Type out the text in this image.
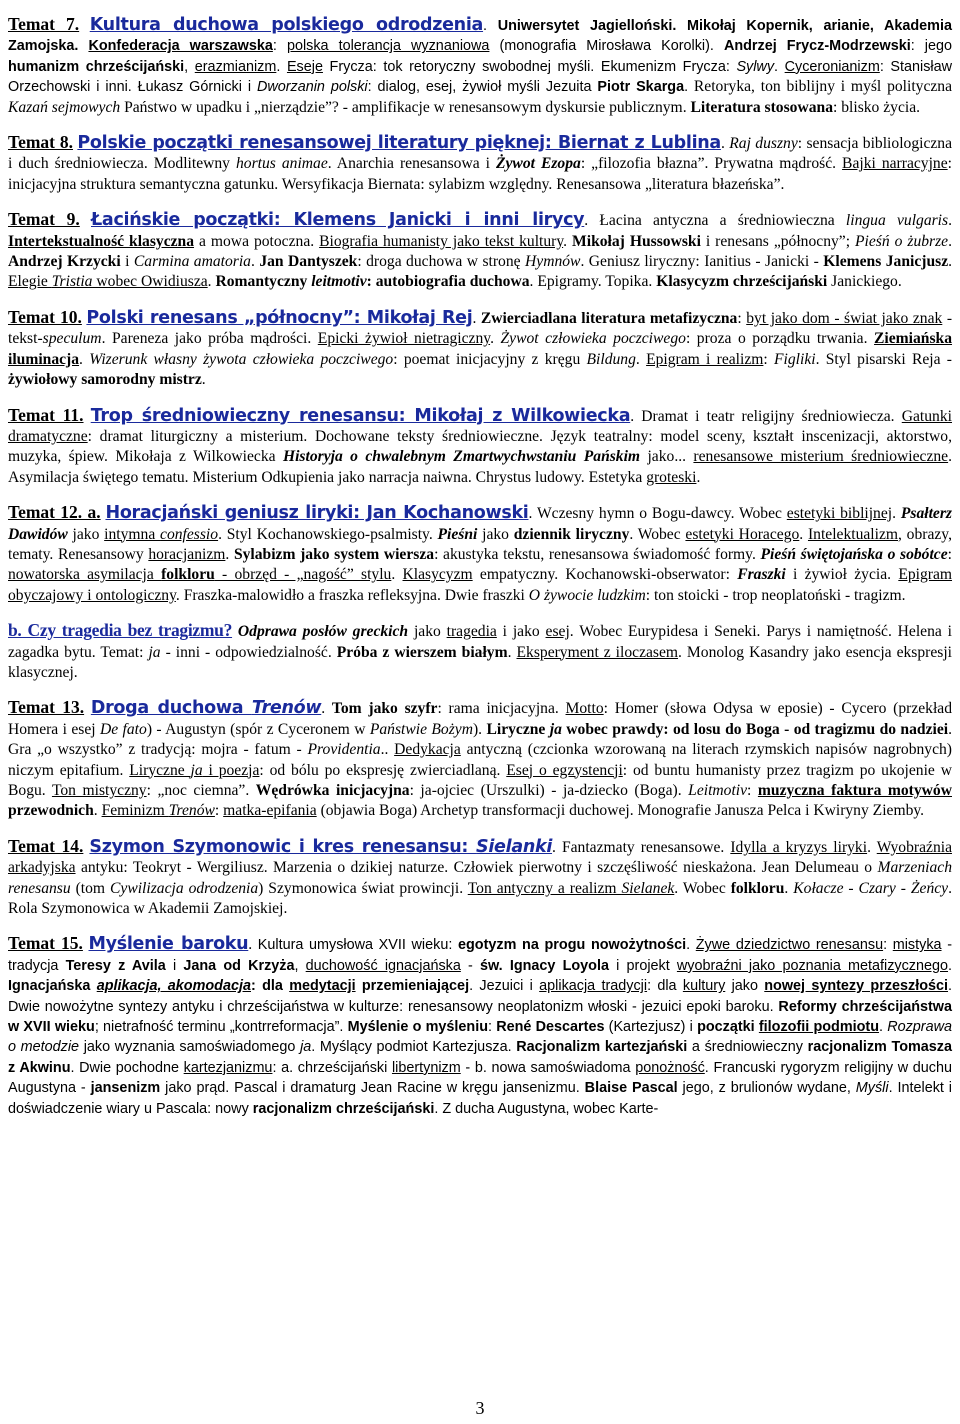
Temat 7. Kultura duchowa polskiego odrodzenia. Uniwersytet Jagielloński. Mikołaj Kopernik, arianie, Akademia Zamojska. Konfederacja warszawska: polska tolerancja wyznaniowa (monografia Mirosława Korolki). Andrzej Frycz-Modrzewski: jego humanizm chrześcijański, erazmianizm. Eseje Frycza: tok retoryczny swobodnej myśli. Ekumenizm Frycza: Sylwy. Cyceronianizm: Stanisław Orzechowski i inni. Łukasz Górnicki i Dworzanin polski: dialog, esej, żywioł myśli Jezuita Piotr Skarga. Retoryka, ton biblijny i myśl polityczna Kazań sejmowych Państwo w upadku i „nierządzie”? - amplifikacje w renesansowym dyskursie publicznym. Literatura stosowana: blisko życia.

Temat 8. Polskie początki renesansowej literatury pięknej: Biernat z Lublina. Raj duszny: sensacja bibliologiczna i duch średniowiecza. Modlitewny hortus animae. Anarchia renesansowa i Żywot Ezopa: „filozofia błazna”. Prywatna mądrość. Bajki narracyjne: inicjacyjna struktura semantyczna gatunku. Wersyfikacja Biernata: sylabizm względny. Renesansowa „literatura błazeńska”.

Temat 9. Łacińskie początki: Klemens Janicki i inni lirycy. Łacina antyczna a średniowieczna lingua vulgaris. Intertekstualność klasyczna a mowa potoczna. Biografia humanisty jako tekst kultury. Mikołaj Hussowski i renesans „północny”; Pieśń o żubrze. Andrzej Krzycki i Carmina amatoria. Jan Dantyszek: droga duchowa w stronę Hymnów. Geniusz liryczny: Ianitius - Janicki - Klemens Janicjusz. Elegie Tristia wobec Owidiusza. Romantyczny leitmotiv: autobiografia duchowa. Epigramy. Topika. Klasycyzm chrześcijański Janickiego.

Temat 10. Polski renesans „północny”: Mikołaj Rej. Zwierciadlana literatura metafizyczna: byt jako dom - świat jako znak - tekst-speculum. Pareneza jako próba mądrości. Epicki żywioł nietragiczny. Żywot człowieka poczciwego: proza o porządku trwania. Ziemiańska iluminacja. Wizerunk własny żywota człowieka poczciwego: poemat inicjacyjny z kręgu Bildung. Epigram i realizm: Figliki. Styl pisarski Reja - żywiołowy samorodny mistrz.

Temat 11. Trop średniowieczny renesansu: Mikołaj z Wilkowiecka. Dramat i teatr religijny średniowiecza. Gatunki dramatyczne: dramat liturgiczny a misterium. Dochowane teksty średniowieczne. Język teatralny: model sceny, kształt inscenizacji, aktorstwo, muzyka, śpiew. Mikołaja z Wilkowiecka Historyja o chwalebnym Zmartwychwstaniu Pańskim jako... renesansowe misterium średniowieczne. Asymilacja świętego tematu. Misterium Odkupienia jako narracja naiwna. Chrystus ludowy. Estetyka groteski.

Temat 12. a. Horacjański geniusz liryki: Jan Kochanowski. Wczesny hymn o Bogu-dawcy. Wobec estetyki biblijnej. Psałterz Dawidów jako intymna confessio. Styl Kochanowskiego-psalmisty. Pieśni jako dziennik liryczny. Wobec estetyki Horacego. Intelektualizm, obrazy, tematy. Renesansowy horacjanizm. Sylabizm jako system wiersza: akustyka tekstu, renesansowa świadomość formy. Pieśń świętojańska o sobótce: nowatorska asymilacja folkloru - obrzęd - „nagość” stylu. Klasycyzm empatyczny. Kochanowski-obserwator: Fraszki i żywioł życia. Epigram obyczajowy i ontologiczny. Fraszka-malowidło a fraszka refleksyjna. Dwie fraszki O żywocie ludzkim: ton stoicki - trop neoplatoński - tragizm.

b. Czy tragedia bez tragizmu? Odprawa posłów greckich jako tragedia i jako esej. Wobec Eurypidesa i Seneki. Parys i namiętność. Helena i zagadka bytu. Temat: ja - inni - odpowiedzialność. Próba z wierszem białym. Eksperyment z iloczasem. Monolog Kasandry jako esencja ekspresji klasycznej.

Temat 13. Droga duchowa Trenów. Tom jako szyfr: rama inicjacyjna. Motto: Homer (słowa Odysa w eposie) - Cycero (przekład Homera i esej De fato) - Augustyn (spór z Cyceronem w Państwie Bożym). Liryczne ja wobec prawdy: od losu do Boga - od tragizmu do nadziei. Gra „o wszystko” z tradycją: mojra - fatum - Providentia.. Dedykacja antyczną (czcionka wzorowaną na literach rzymskich napisów nagrobnych) niczym epitafium. Liryczne ja i poezja: od bólu po ekspresję zwierciadlaną. Esej o egzystencji: od buntu humanisty przez tragizm po ukojenie w Bogu. Ton mistyczny: „noc ciemna”. Wędrówka inicjacyjna: ja-ojciec (Urszulki) - ja-dziecko (Boga). Leitmotiv: muzyczna faktura motywów przewodnich. Feminizm Trenów: matka-epifania (objawia Boga) Archetyp transformacji duchowej. Monografie Janusza Pelca i Kwiryny Ziemby.

Temat 14. Szymon Szymonowic i kres renesansu: Sielanki. Fantazmaty renesansowe. Idylla a kryzys liryki. Wyobraźnia arkadyjska antyku: Teokryt - Wergiliusz. Marzenia o dzikiej naturze. Człowiek pierwotny i szczęśliwość nieskażona. Jean Delumeau o Marzeniach renesansu (tom Cywilizacja odrodzenia) Szymonowica świat prowincji. Ton antyczny a realizm Sielanek. Wobec folkloru. Kołacze - Czary - Żeńcy. Rola Szymonowica w Akademii Zamojskiej.

Temat 15. Myślenie baroku. Kultura umysłowa XVII wieku: egotyzm na progu nowożytności. Żywe dziedzictwo renesansu: mistyka - tradycja Teresy z Avila i Jana od Krzyża, duchowość ignacjańska - św. Ignacy Loyola i projekt wyobraźni jako poznania metafizycznego. Ignacjańska aplikacja, akomodacja: dla medytacji przemieniającej. Jezuici i aplikacja tradycji: dla kultury jako nowej syntezy przeszłości. Dwie nowożytne syntezy antyku i chrześcijaństwa w kulturze: renesansowy neoplatonizm włoski - jezuici epoki baroku. Reformy chrześcijaństwa w XVII wieku; nietrafność terminu „kontrreformacja”. Myślenie o myśleniu: René Descartes (Kartezjusz) i początki filozofii podmiotu. Rozprawa o metodzie jako wyznania samoświadomego ja. Myślący podmiot Kartezjusza. Racjonalizm kartezjański a średniowieczny racjonalizm Tomasza z Akwinu. Dwie pochodne kartezjanizmu: a. chrześcijański libertynizm - b. nowa samoświadoma ponożność. Francuski rygoryzm religijny w duchu Augustyna - jansenizm jako prąd. Pascal i dramaturg Jean Racine w kręgu jansenizmu. Blaise Pascal jego, z brulionów wydane, Myśli. Intelekt i doświadczenie wiary u Pascala: nowy racjonalizm chrześcijański. Z ducha Augustyna, wobec Karte-

3
